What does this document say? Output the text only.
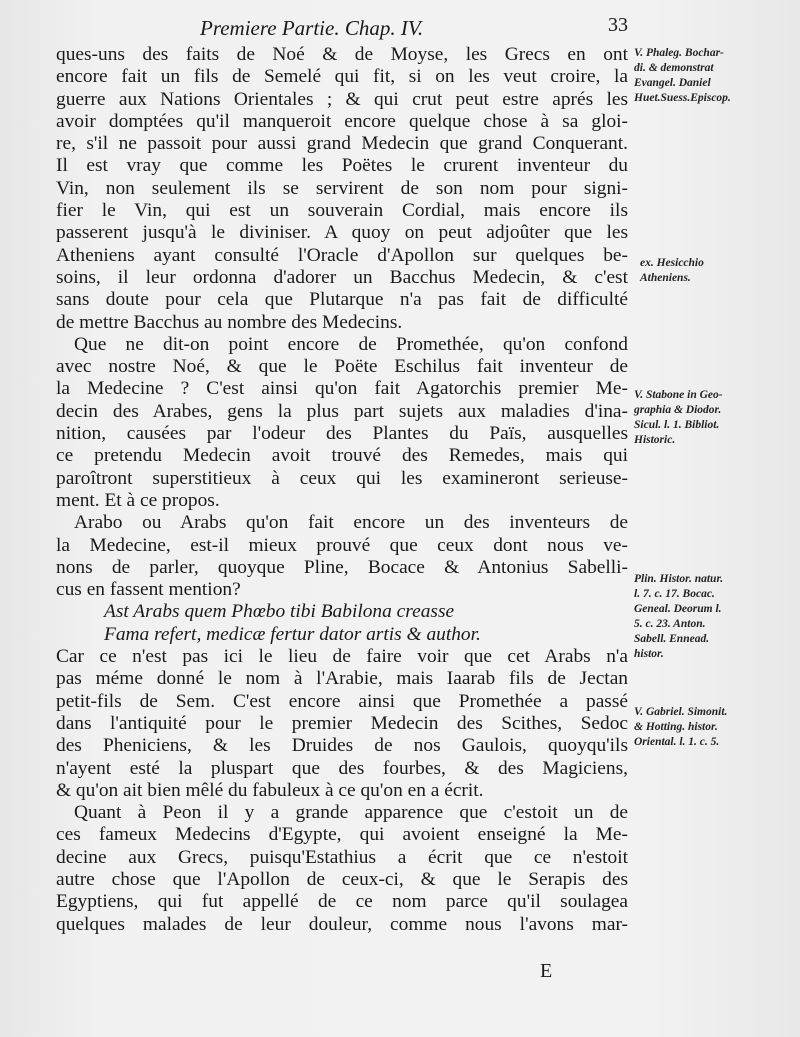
Premiere Partie. Chap. IV.	33

ques-uns des faits de Noé & de Moyse, les Grecs en ont
encore fait un fils de Semelé qui fit, si on les veut croire, la
guerre aux Nations Orientales ; & qui crut peut estre aprés les
avoir domptées qu'il manqueroit encore quelque chose à sa gloi-
re, s'il ne passoit pour aussi grand Medecin que grand Conquerant.
Il est vray que comme les Poëtes le crurent inventeur du
Vin, non seulement ils se servirent de son nom pour signi-
fier le Vin, qui est un souverain Cordial, mais encore ils
passerent jusqu'à le diviniser. A quoy on peut adjoûter que les
Atheniens ayant consulté l'Oracle d'Apollon sur quelques be-
soins, il leur ordonna d'adorer un Bacchus Medecin, & c'est
sans doute pour cela que Plutarque n'a pas fait de difficulté
de mettre Bacchus au nombre des Medecins.

Que ne dit-on point encore de Promethée, qu'on confond
avec nostre Noé, & que le Poëte Eschilus fait inventeur de
la Medecine ? C'est ainsi qu'on fait Agatorchis premier Me-
decin des Arabes, gens la plus part sujets aux maladies d'ina-
nition, causées par l'odeur des Plantes du Païs, ausquelles
ce pretendu Medecin avoit trouvé des Remedes, mais qui
paroîtront superstitieux à ceux qui les examineront serieuse-
ment. Et à ce propos.

Arabo ou Arabs qu'on fait encore un des inventeurs de
la Medecine, est-il mieux prouvé que ceux dont nous ve-
nons de parler, quoyque Pline, Bocace & Antonius Sabelli-
cus en fassent mention?

Ast Arabs quem Phœbo tibi Babilona creasse
Fama refert, medicæ fertur dator artis & author.

Car ce n'est pas ici le lieu de faire voir que cet Arabs n'a
pas méme donné le nom à l'Arabie, mais Iaarab fils de Jectan
petit-fils de Sem. C'est encore ainsi que Promethée a passé
dans l'antiquité pour le premier Medecin des Scithes, Sedoc
des Pheniciens, & les Druides de nos Gaulois, quoyqu'ils
n'ayent esté la pluspart que des fourbes, & des Magiciens,
& qu'on ait bien mêlé du fabuleux à ce qu'on en a écrit.

Quant à Peon il y a grande apparence que c'estoit un de
ces fameux Medecins d'Egypte, qui avoient enseigné la Me-
decine aux Grecs, puisqu'Estathius a écrit que ce n'estoit
autre chose que l'Apollon de ceux-ci, & que le Serapis des
Egyptiens, qui fut appellé de ce nom parce qu'il soulagea
quelques malades de leur douleur, comme nous l'avons mar-

E
V. Phaleg. Bochar-
di. & demonstrat
Evangel. Daniel
Huet.Suess.Episcop.
ex. Hesicchio
Atheniens.
V. Stabone in Geo-
graphia & Diodor.
Sicul. l. 1. Bibliot.
Historic.
Plin. Histor. natur.
l. 7. c. 17. Bocac.
Geneal. Deorum l.
5. c. 23. Anton.
Sabell. Ennead.
histor.
V. Gabriel. Simonit.
& Hotting. histor.
Oriental. l. 1. c. 5.
